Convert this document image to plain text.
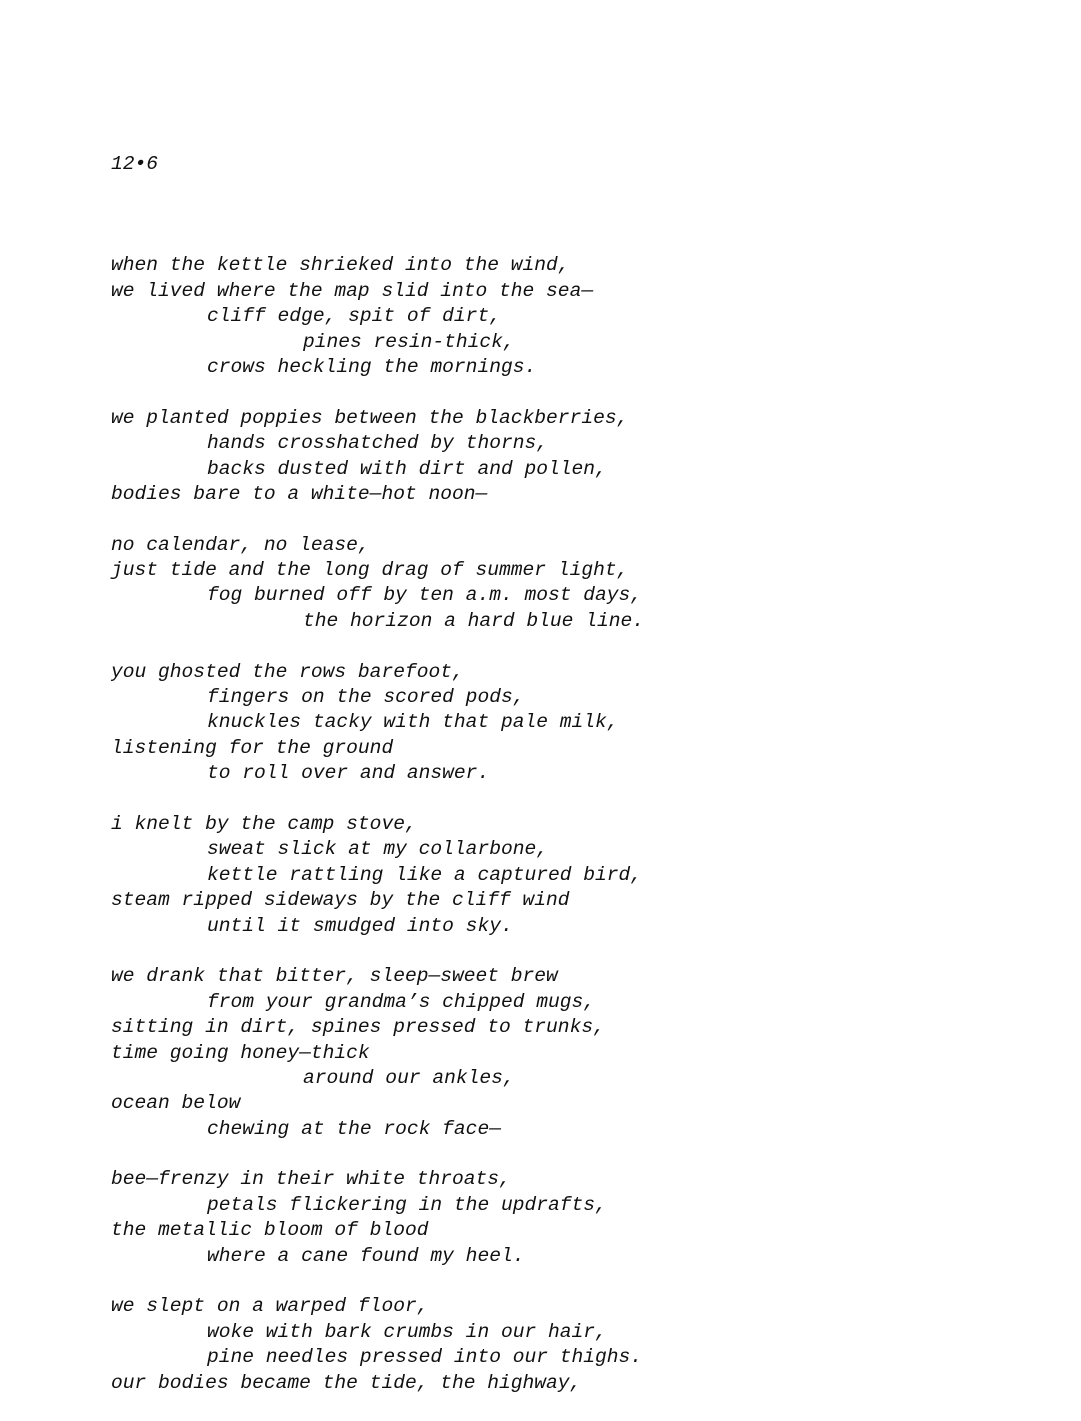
12•6

when the kettle shrieked into the wind,
we lived where the map slid into the sea—
cliff edge, spit of dirt,
pines resin-thick,
crows heckling the mornings.
we planted poppies between the blackberries,
hands crosshatched by thorns,
backs dusted with dirt and pollen,
bodies bare to a white—hot noon—
no calendar, no lease,
just tide and the long drag of summer light,
fog burned off by ten a.m. most days,
the horizon a hard blue line.
you ghosted the rows barefoot,
fingers on the scored pods,
knuckles tacky with that pale milk,
listening for the ground
to roll over and answer.
i knelt by the camp stove,
sweat slick at my collarbone,
kettle rattling like a captured bird,
steam ripped sideways by the cliff wind
until it smudged into sky.
we drank that bitter, sleep—sweet brew
from your grandma’s chipped mugs,
sitting in dirt, spines pressed to trunks,
time going honey—thick
around our ankles,
ocean below
chewing at the rock face—
bee—frenzy in their white throats,
petals flickering in the updrafts,
the metallic bloom of blood
where a cane found my heel.
we slept on a warped floor,
woke with bark crumbs in our hair,
pine needles pressed into our thighs.
our bodies became the tide, the highway,
